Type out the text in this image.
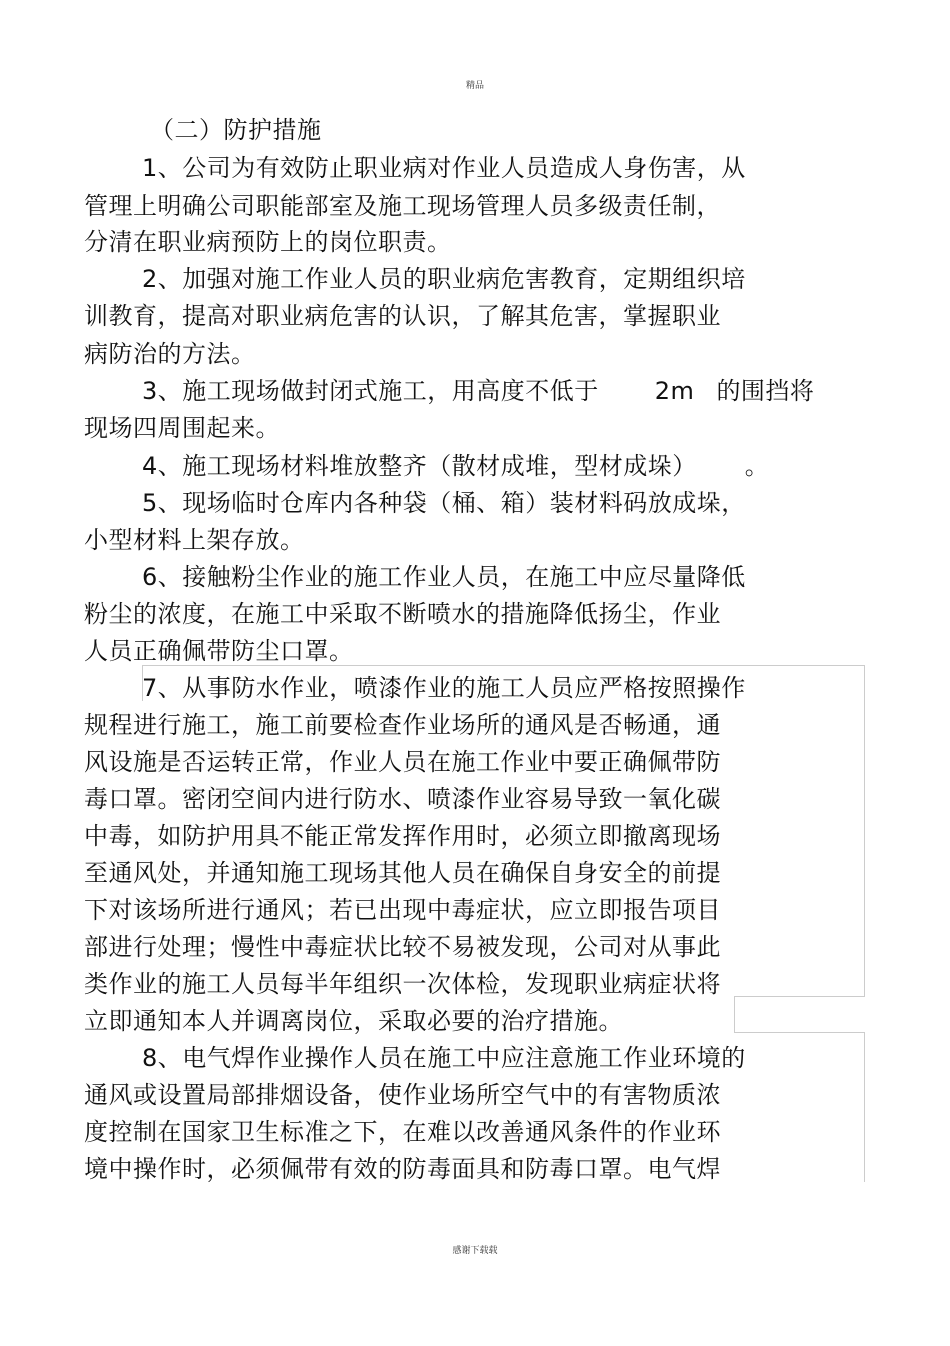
精品
（二）防护措施
1、公司为有效防止职业病对作业人员造成人身伤害，从
管理上明确公司职能部室及施工现场管理人员多级责任制，
分清在职业病预防上的岗位职责。
2、加强对施工作业人员的职业病危害教育，定期组织培
训教育，提高对职业病危害的认识，了解其危害，掌握职业
病防治的方法。
3、施工现场做封闭式施工，用高度不低于 2m 的围挡将
现场四周围起来。
4、施工现场材料堆放整齐（散材成堆，型材成垛） 。
5、现场临时仓库内各种袋（桶、箱）装材料码放成垛，
小型材料上架存放。
6、接触粉尘作业的施工作业人员，在施工中应尽量降低
粉尘的浓度，在施工中采取不断喷水的措施降低扬尘，作业
人员正确佩带防尘口罩。
7、从事防水作业，喷漆作业的施工人员应严格按照操作
规程进行施工，施工前要检查作业场所的通风是否畅通，通
风设施是否运转正常，作业人员在施工作业中要正确佩带防
毒口罩。密闭空间内进行防水、喷漆作业容易导致一氧化碳
中毒，如防护用具不能正常发挥作用时，必须立即撤离现场
至通风处，并通知施工现场其他人员在确保自身安全的前提
下对该场所进行通风；若已出现中毒症状，应立即报告项目
部进行处理；慢性中毒症状比较不易被发现，公司对从事此
类作业的施工人员每半年组织一次体检，发现职业病症状将
立即通知本人并调离岗位，采取必要的治疗措施。
8、电气焊作业操作人员在施工中应注意施工作业环境的
通风或设置局部排烟设备，使作业场所空气中的有害物质浓
度控制在国家卫生标准之下，在难以改善通风条件的作业环
境中操作时，必须佩带有效的防毒面具和防毒口罩。电气焊
感谢下载载
